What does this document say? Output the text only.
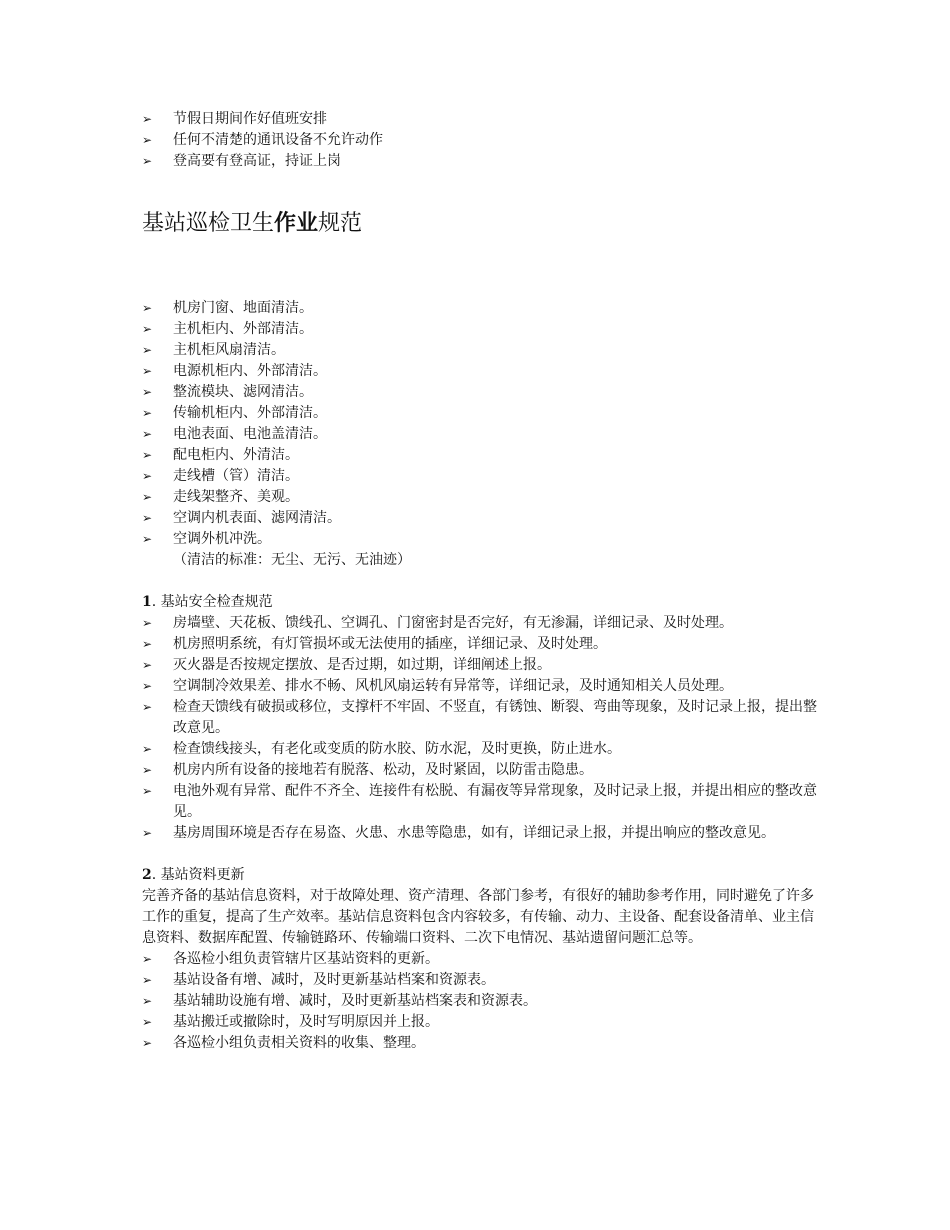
➢	节假日期间作好值班安排
➢	任何不清楚的通讯设备不允许动作
➢	登高要有登高证，持证上岗
基站巡检卫生作业规范
➢	机房门窗、地面清洁。
➢	主机柜内、外部清洁。
➢	主机柜风扇清洁。
➢	电源机柜内、外部清洁。
➢	整流模块、滤网清洁。
➢	传输机柜内、外部清洁。
➢	电池表面、电池盖清洁。
➢	配电柜内、外清洁。
➢	走线槽（管）清洁。
➢	走线架整齐、美观。
➢	空调内机表面、滤网清洁。
➢	空调外机冲洗。
（清洁的标准：无尘、无污、无油迹）
1. 基站安全检查规范
➢	房墙壁、天花板、馈线孔、空调孔、门窗密封是否完好，有无渗漏，详细记录、及时处理。
➢	机房照明系统，有灯管损坏或无法使用的插座，详细记录、及时处理。
➢	灭火器是否按规定摆放、是否过期，如过期，详细阐述上报。
➢	空调制冷效果差、排水不畅、风机风扇运转有异常等，详细记录，及时通知相关人员处理。
➢	检查天馈线有破损或移位，支撑杆不牢固、不竖直，有锈蚀、断裂、弯曲等现象，及时记录上报，提出整改意见。
➢	检查馈线接头，有老化或变质的防水胶、防水泥，及时更换，防止进水。
➢	机房内所有设备的接地若有脱落、松动，及时紧固，以防雷击隐患。
➢	电池外观有异常、配件不齐全、连接件有松脱、有漏夜等异常现象，及时记录上报，并提出相应的整改意见。
➢	基房周围环境是否存在易盗、火患、水患等隐患，如有，详细记录上报，并提出响应的整改意见。
2. 基站资料更新

完善齐备的基站信息资料，对于故障处理、资产清理、各部门参考，有很好的辅助参考作用，同时避免了许多工作的重复，提高了生产效率。基站信息资料包含内容较多，有传输、动力、主设备、配套设备清单、业主信息资料、数据库配置、传输链路环、传输端口资料、二次下电情况、基站遗留问题汇总等。

➢	各巡检小组负责管辖片区基站资料的更新。
➢	基站设备有增、减时，及时更新基站档案和资源表。
➢	基站辅助设施有增、减时，及时更新基站档案表和资源表。
➢	基站搬迁或撤除时，及时写明原因并上报。
➢	各巡检小组负责相关资料的收集、整理。
